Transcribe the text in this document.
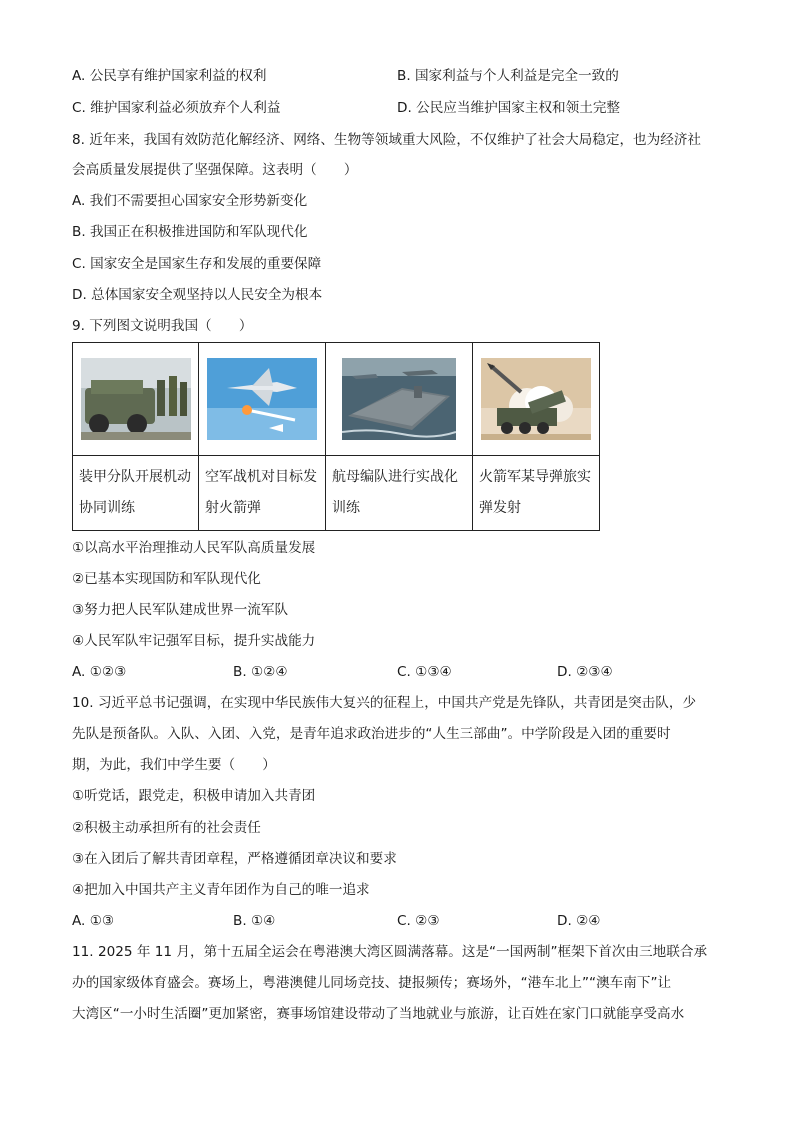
A. 公民享有维护国家利益的权利	B. 国家利益与个人利益是完全一致的
C. 维护国家利益必须放弃个人利益	D. 公民应当维护国家主权和领土完整
8. 近年来，我国有效防范化解经济、网络、生物等领域重大风险，不仅维护了社会大局稳定，也为经济社
会高质量发展提供了坚强保障。这表明（　　）
A. 我们不需要担心国家安全形势新变化
B. 我国正在积极推进国防和军队现代化
C. 国家安全是国家生存和发展的重要保障
D. 总体国家安全观坚持以人民安全为根本
9. 下列图文说明我国（　　）

装甲分队开展机动协同训练	空军战机对目标发射火箭弹	航母编队进行实战化训练	火箭军某导弹旅实弹发射
①以高水平治理推动人民军队高质量发展
②已基本实现国防和军队现代化
③努力把人民军队建成世界一流军队
④人民军队牢记强军目标，提升实战能力
A. ①②③	B. ①②④	C. ①③④	D. ②③④
10. 习近平总书记强调，在实现中华民族伟大复兴的征程上，中国共产党是先锋队，共青团是突击队，少
先队是预备队。入队、入团、入党，是青年追求政治进步的“人生三部曲”。中学阶段是入团的重要时
期，为此，我们中学生要（　　）
①听党话，跟党走，积极申请加入共青团
②积极主动承担所有的社会责任
③在入团后了解共青团章程，严格遵循团章决议和要求
④把加入中国共产主义青年团作为自己的唯一追求
A. ①③	B. ①④	C. ②③	D. ②④
11. 2025 年 11 月，第十五届全运会在粤港澳大湾区圆满落幕。这是“一国两制”框架下首次由三地联合承
办的国家级体育盛会。赛场上，粤港澳健儿同场竞技、捷报频传；赛场外，“港车北上”“澳车南下”让
大湾区“一小时生活圈”更加紧密，赛事场馆建设带动了当地就业与旅游，让百姓在家门口就能享受高水
